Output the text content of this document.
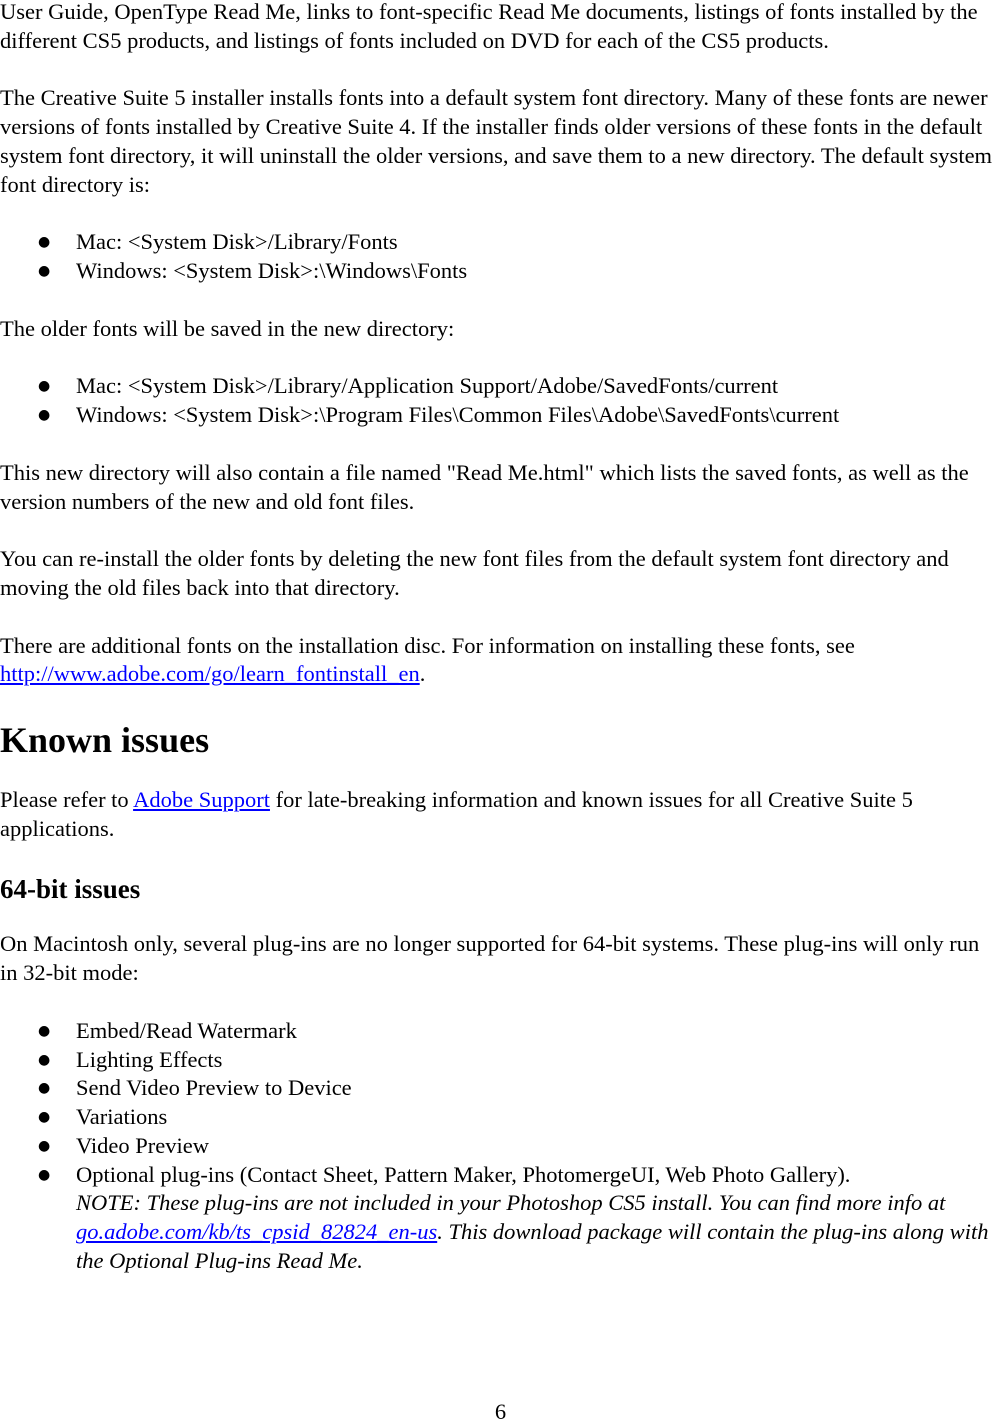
User Guide, OpenType Read Me, links to font-specific Read Me documents, listings of fonts installed by the different CS5 products, and listings of fonts included on DVD for each of the CS5 products.

The Creative Suite 5 installer installs fonts into a default system font directory. Many of these fonts are newer versions of fonts installed by Creative Suite 4. If the installer finds older versions of these fonts in the default system font directory, it will uninstall the older versions, and save them to a new directory. The default system font directory is:

● Mac: <System Disk>/Library/Fonts
● Windows: <System Disk>:\Windows\Fonts

The older fonts will be saved in the new directory:

● Mac: <System Disk>/Library/Application Support/Adobe/SavedFonts/current
● Windows: <System Disk>:\Program Files\Common Files\Adobe\SavedFonts\current

This new directory will also contain a file named "Read Me.html" which lists the saved fonts, as well as the version numbers of the new and old font files.

You can re-install the older fonts by deleting the new font files from the default system font directory and moving the old files back into that directory.

There are additional fonts on the installation disc. For information on installing these fonts, see http://www.adobe.com/go/learn_fontinstall_en.

Known issues

Please refer to Adobe Support for late-breaking information and known issues for all Creative Suite 5 applications.

64-bit issues

On Macintosh only, several plug-ins are no longer supported for 64-bit systems. These plug-ins will only run in 32-bit mode:

● Embed/Read Watermark
● Lighting Effects
● Send Video Preview to Device
● Variations
● Video Preview
● Optional plug-ins (Contact Sheet, Pattern Maker, PhotomergeUI, Web Photo Gallery).
NOTE: These plug-ins are not included in your Photoshop CS5 install. You can find more info at go.adobe.com/kb/ts_cpsid_82824_en-us. This download package will contain the plug-ins along with the Optional Plug-ins Read Me.
6
